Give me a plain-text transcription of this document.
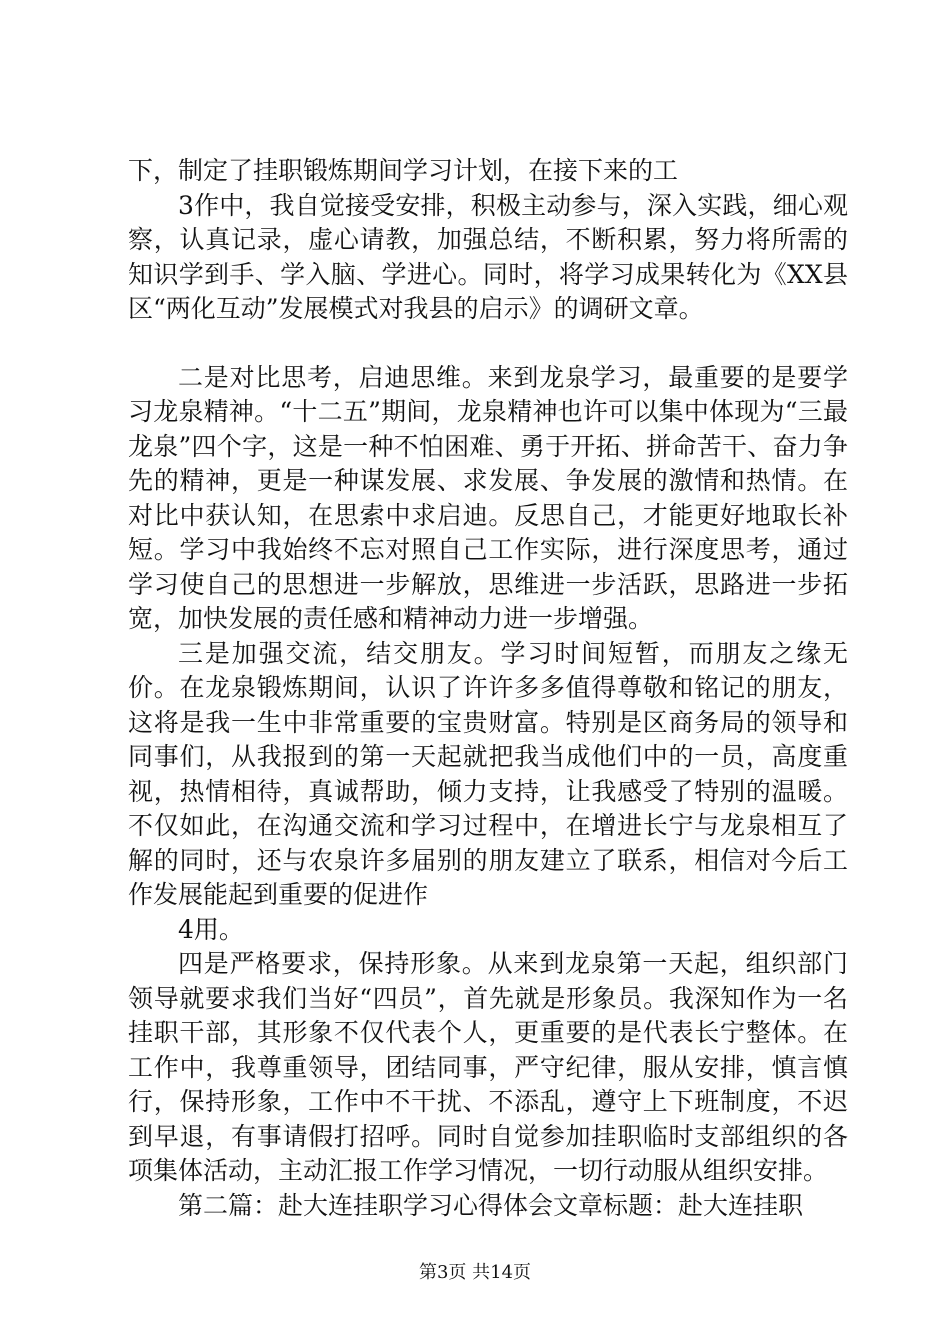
下，制定了挂职锻炼期间学习计划，在接下来的工

3作中，我自觉接受安排，积极主动参与，深入实践，细心观察，认真记录，虚心请教，加强总结，不断积累，努力将所需的知识学到手、学入脑、学进心。同时，将学习成果转化为《XX县区“两化互动”发展模式对我县的启示》的调研文章。

二是对比思考，启迪思维。来到龙泉学习，最重要的是要学习龙泉精神。“十二五”期间，龙泉精神也许可以集中体现为“三最龙泉”四个字，这是一种不怕困难、勇于开拓、拼命苦干、奋力争先的精神，更是一种谋发展、求发展、争发展的激情和热情。在对比中获认知，在思索中求启迪。反思自己，才能更好地取长补短。学习中我始终不忘对照自己工作实际，进行深度思考，通过学习使自己的思想进一步解放，思维进一步活跃，思路进一步拓宽，加快发展的责任感和精神动力进一步增强。

三是加强交流，结交朋友。学习时间短暂，而朋友之缘无价。在龙泉锻炼期间，认识了许许多多值得尊敬和铭记的朋友，这将是我一生中非常重要的宝贵财富。特别是区商务局的领导和同事们，从我报到的第一天起就把我当成他们中的一员，高度重视，热情相待，真诚帮助，倾力支持，让我感受了特别的温暖。不仅如此，在沟通交流和学习过程中，在增进长宁与龙泉相互了解的同时，还与农泉许多届别的朋友建立了联系，相信对今后工作发展能起到重要的促进作

4用。

四是严格要求，保持形象。从来到龙泉第一天起，组织部门领导就要求我们当好“四员”，首先就是形象员。我深知作为一名挂职干部，其形象不仅代表个人，更重要的是代表长宁整体。在工作中，我尊重领导，团结同事，严守纪律，服从安排，慎言慎行，保持形象，工作中不干扰、不添乱，遵守上下班制度，不迟到早退，有事请假打招呼。同时自觉参加挂职临时支部组织的各项集体活动，主动汇报工作学习情况，一切行动服从组织安排。

第二篇：赴大连挂职学习心得体会文章标题：赴大连挂职

第3页 共14页
